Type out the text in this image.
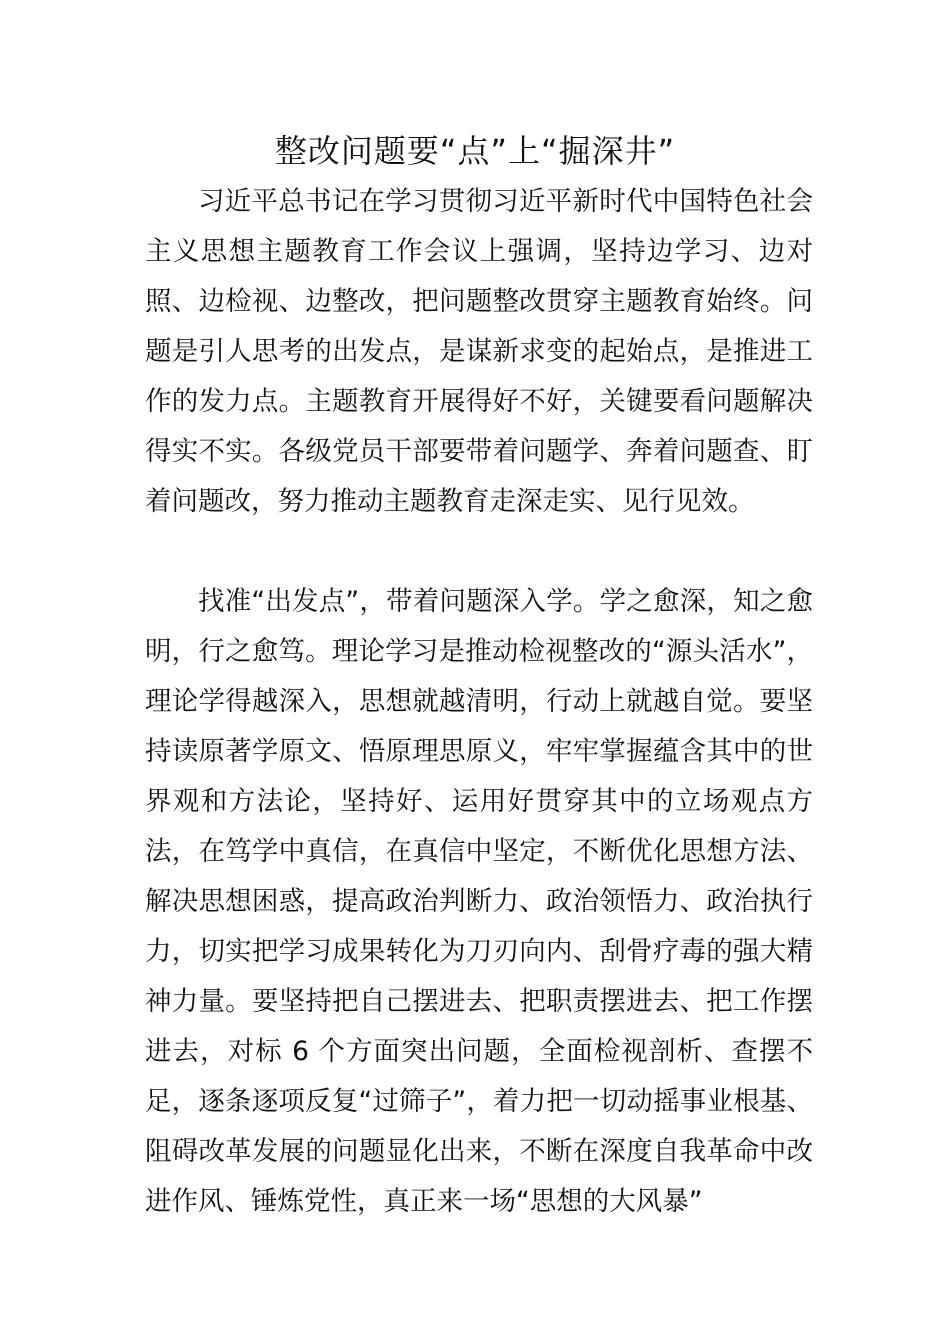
整改问题要“点”上“掘深井”

习近平总书记在学习贯彻习近平新时代中国特色社会主义思想主题教育工作会议上强调，坚持边学习、边对照、边检视、边整改，把问题整改贯穿主题教育始终。问题是引人思考的出发点，是谋新求变的起始点，是推进工作的发力点。主题教育开展得好不好，关键要看问题解决得实不实。各级党员干部要带着问题学、奔着问题查、盯着问题改，努力推动主题教育走深走实、见行见效。

找准“出发点”，带着问题深入学。学之愈深，知之愈明，行之愈笃。理论学习是推动检视整改的“源头活水”，理论学得越深入，思想就越清明，行动上就越自觉。要坚持读原著学原文、悟原理思原义，牢牢掌握蕴含其中的世界观和方法论，坚持好、运用好贯穿其中的立场观点方法，在笃学中真信，在真信中坚定，不断优化思想方法、解决思想困惑，提高政治判断力、政治领悟力、政治执行力，切实把学习成果转化为刀刃向内、刮骨疗毒的强大精神力量。要坚持把自己摆进去、把职责摆进去、把工作摆进去，对标 6 个方面突出问题，全面检视剖析、查摆不足，逐条逐项反复“过筛子”，着力把一切动摇事业根基、阻碍改革发展的问题显化出来，不断在深度自我革命中改进作风、锤炼党性，真正来一场“思想的大风暴”
